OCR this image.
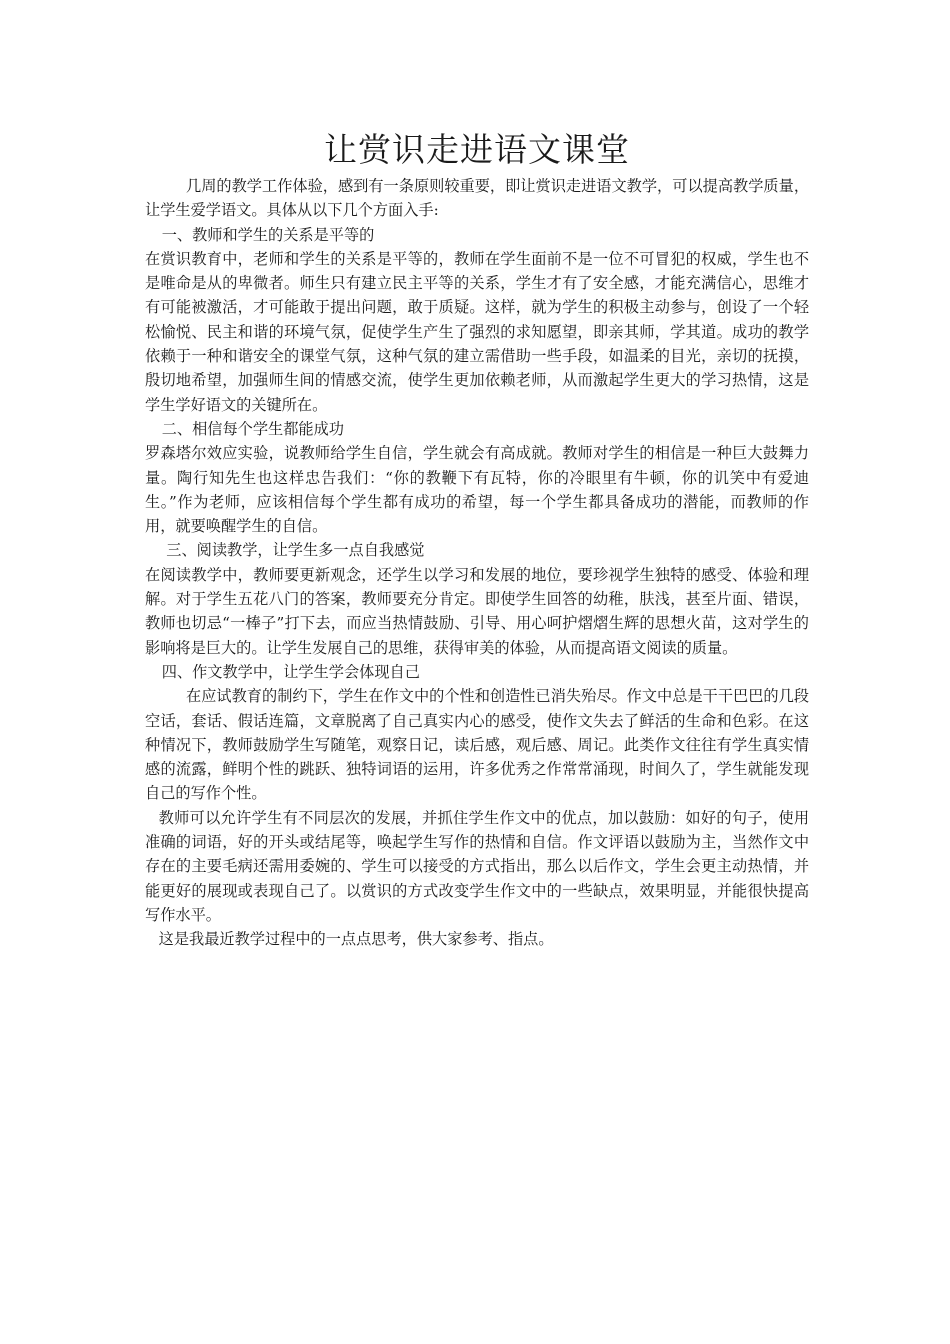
让赏识走进语文课堂

几周的教学工作体验，感到有一条原则较重要，即让赏识走进语文教学，可以提高教学质量，让学生爱学语文。具体从以下几个方面入手:

一、教师和学生的关系是平等的

在赏识教育中，老师和学生的关系是平等的，教师在学生面前不是一位不可冒犯的权威，学生也不是唯命是从的卑微者。师生只有建立民主平等的关系，学生才有了安全感，才能充满信心，思维才有可能被激活，才可能敢于提出问题，敢于质疑。这样，就为学生的积极主动参与，创设了一个轻松愉悦、民主和谐的环境气氛，促使学生产生了强烈的求知愿望，即亲其师，学其道。成功的教学依赖于一种和谐安全的课堂气氛，这种气氛的建立需借助一些手段，如温柔的目光，亲切的抚摸，殷切地希望，加强师生间的情感交流，使学生更加依赖老师，从而激起学生更大的学习热情，这是学生学好语文的关键所在。

二、相信每个学生都能成功

罗森塔尔效应实验，说教师给学生自信，学生就会有高成就。教师对学生的相信是一种巨大鼓舞力量。陶行知先生也这样忠告我们：“你的教鞭下有瓦特，你的冷眼里有牛顿，你的讥笑中有爱迪生。”作为老师，应该相信每个学生都有成功的希望，每一个学生都具备成功的潜能，而教师的作用，就要唤醒学生的自信。

三、阅读教学，让学生多一点自我感觉

在阅读教学中，教师要更新观念，还学生以学习和发展的地位，要珍视学生独特的感受、体验和理解。对于学生五花八门的答案，教师要充分肯定。即使学生回答的幼稚，肤浅，甚至片面、错误，教师也切忌“一棒子”打下去，而应当热情鼓励、引导、用心呵护熠熠生辉的思想火苗，这对学生的影响将是巨大的。让学生发展自己的思维，获得审美的体验，从而提高语文阅读的质量。

四、作文教学中，让学生学会体现自己

在应试教育的制约下，学生在作文中的个性和创造性已消失殆尽。作文中总是干干巴巴的几段空话，套话、假话连篇，文章脱离了自己真实内心的感受，使作文失去了鲜活的生命和色彩。在这种情况下，教师鼓励学生写随笔，观察日记，读后感，观后感、周记。此类作文往往有学生真实情感的流露，鲜明个性的跳跃、独特词语的运用，许多优秀之作常常涌现，时间久了，学生就能发现自己的写作个性。

教师可以允许学生有不同层次的发展，并抓住学生作文中的优点，加以鼓励：如好的句子，使用准确的词语，好的开头或结尾等，唤起学生写作的热情和自信。作文评语以鼓励为主，当然作文中存在的主要毛病还需用委婉的、学生可以接受的方式指出，那么以后作文，学生会更主动热情，并能更好的展现或表现自己了。以赏识的方式改变学生作文中的一些缺点，效果明显，并能很快提高写作水平。

这是我最近教学过程中的一点点思考，供大家参考、指点。
